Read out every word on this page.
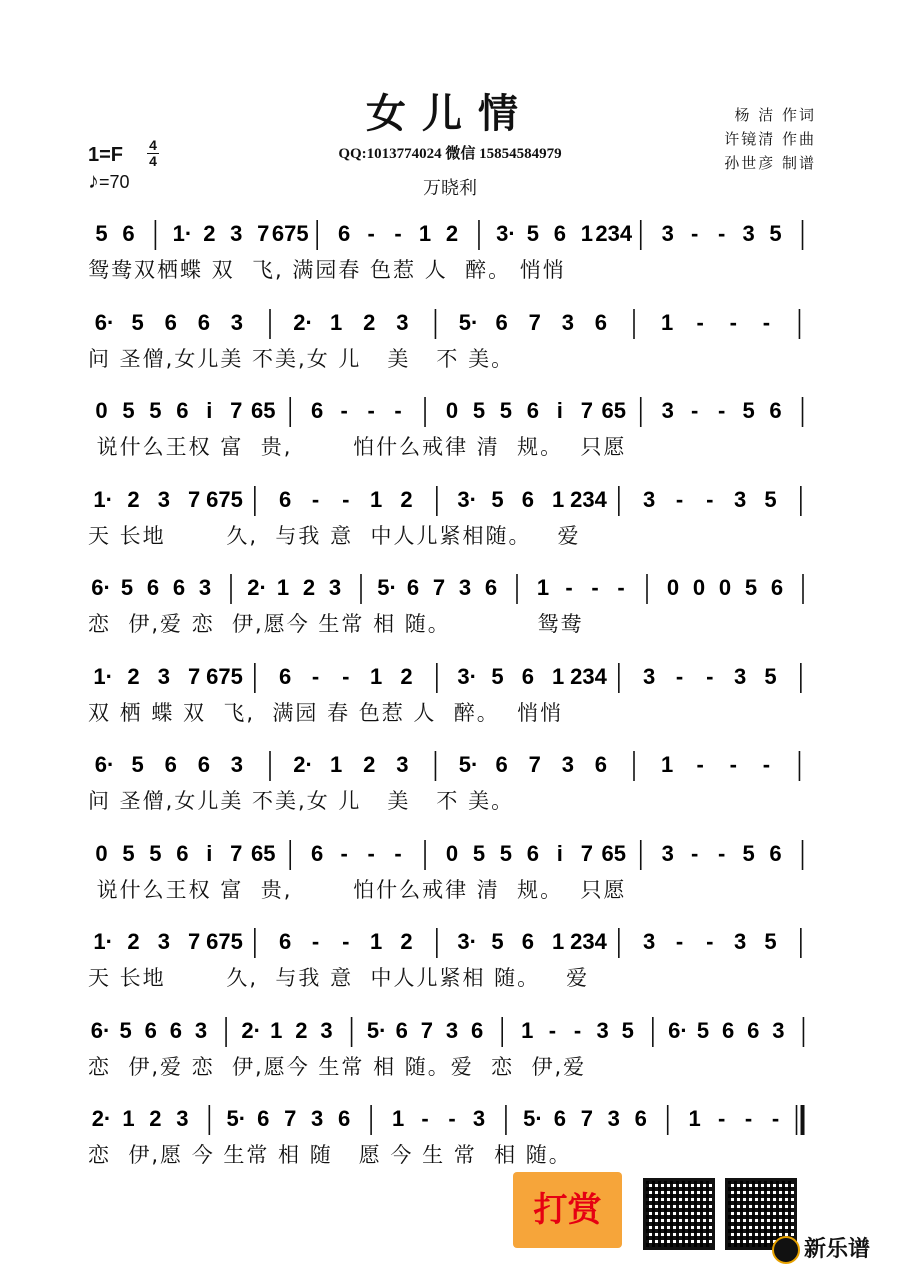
女儿情
QQ:1013774024 微信 15854584979
万晓利
杨 洁 作词
许镜清 作曲
孙世彦 制谱
1=F 4
4
♪=70
5 6 1· 2 3 7 675 6 - - 1 2 3· 5 6 1 234 3 - - 3 5
鸳鸯双栖蝶 双  飞, 满园春 色惹 人  醉。 悄悄
6· 5 6 6 3 2· 1 2 3 5· 6 7 3 6 1 - - -
问 圣僧,女儿美 不美,女 儿   美   不 美。
0 5 5 6 i 7 65 6 - - - 0 5 5 6 i 7 65 3 - - 5 6
说什么王权 富  贵,       怕什么戒律 清  规。  只愿
1· 2 3 7 675 6 - - 1 2 3· 5 6 1 234 3 - - 3 5
天 长地       久,  与我 意  中人儿紧相随。   爱
6· 5 6 6 3 2· 1 2 3 5· 6 7 3 6 1 - - - 0 0 0 5 6
恋  伊,爱 恋  伊,愿今 生常 相 随。          鸳鸯
1· 2 3 7 675 6 - - 1 2 3· 5 6 1 234 3 - - 3 5
双 栖 蝶 双  飞,  满园 春 色惹 人  醉。  悄悄
6· 5 6 6 3 2· 1 2 3 5· 6 7 3 6 1 - - -
问 圣僧,女儿美 不美,女 儿   美   不 美。
0 5 5 6 i 7 65 6 - - - 0 5 5 6 i 7 65 3 - - 5 6
说什么王权 富  贵,       怕什么戒律 清  规。  只愿
1· 2 3 7 675 6 - - 1 2 3· 5 6 1 234 3 - - 3 5
天 长地       久,  与我 意  中人儿紧相 随。   爱
6· 5 6 6 3 2· 1 2 3 5· 6 7 3 6 1 - - 3 5 6· 5 6 6 3
恋  伊,爱 恋  伊,愿今 生常 相 随。爱  恋  伊,爱
2· 1 2 3 5· 6 7 3 6 1 - - 3 5· 6 7 3 6 1 - - -
恋  伊,愿 今 生常 相 随   愿 今 生 常  相 随。
打赏
新乐谱
